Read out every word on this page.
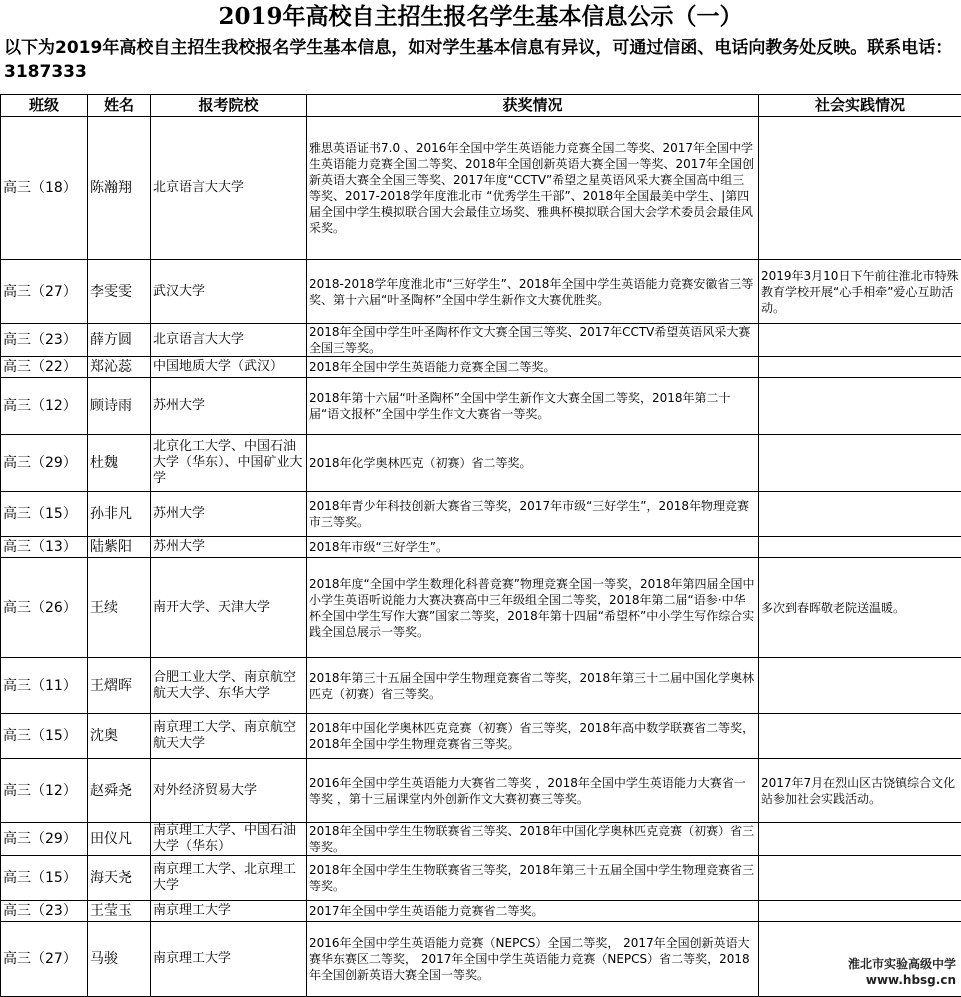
2019年高校自主招生报名学生基本信息公示（一）
以下为2019年高校自主招生我校报名学生基本信息，如对学生基本信息有异议，可通过信函、电话向教务处反映。联系电话：3187333
班级	姓名	报考院校	获奖情况	社会实践情况
高三（18）	陈瀚翔	北京语言大大学	雅思英语证书7.0 、2016年全国中学生英语能力竞赛全国二等奖、2017年全国中学生英语能力竞赛全国二等奖、2018年全国创新英语大赛全国一等奖、2017年全国创新英语大赛全全国三等奖、2017年度“CCTV”希望之星英语风采大赛全国高中组三等奖、2017-2018学年度淮北市 “优秀学生干部”、2018年全国最美中学生、|第四届全国中学生模拟联合国大会最佳立场奖、雅典杯模拟联合国大会学术委员会最佳风采奖。	
高三（27）	李雯雯	武汉大学	2018-2018学年度淮北市“三好学生”、2018年全国中学生英语能力竞赛安徽省三等奖、第十六届“叶圣陶杯”全国中学生新作文大赛优胜奖。	2019年3月10日下午前往淮北市特殊教育学校开展“心手相牵”爱心互助活动。
高三（23）	薛方圆	北京语言大大学	2018年全国中学生叶圣陶杯作文大赛全国三等奖、2017年CCTV希望英语风采大赛全国三等奖。	
高三（22）	郑沁蕊	中国地质大学（武汉）	2018年全国中学生英语能力竞赛全国二等奖。	
高三（12）	顾诗雨	苏州大学	2018年第十六届“叶圣陶杯”全国中学生新作文大赛全国二等奖，2018年第二十届“语文报杯”全国中学生作文大赛省一等奖。	
高三（29）	杜魏	北京化工大学、中国石油大学（华东）、中国矿业大学	2018年化学奥林匹克（初赛）省二等奖。	
高三（15）	孙非凡	苏州大学	2018年青少年科技创新大赛省三等奖，2017年市级“三好学生”，2018年物理竞赛市三等奖。	
高三（13）	陆紫阳	苏州大学	2018年市级“三好学生”。	
高三（26）	王续	南开大学、天津大学	2018年度“全国中学生数理化科普竞赛”物理竞赛全国一等奖，2018年第四届全国中小学生英语听说能力大赛决赛高中三年级组全国二等奖，2018年第二届“语参·中华杯全国中学生写作大赛”国家二等奖，2018年第十四届“希望杯”中小学生写作综合实践全国总展示一等奖。	多次到春晖敬老院送温暖。
高三（11）	王熠晖	合肥工业大学、南京航空航天大学、东华大学	2018年第三十五届全国中学生物理竞赛省二等奖，2018年第三十二届中国化学奥林匹克（初赛）省三等奖。	
高三（15）	沈奥	南京理工大学、南京航空航天大学	2018年中国化学奥林匹克竞赛（初赛）省三等奖，2018年高中数学联赛省二等奖，2018年全国中学生物理竞赛省三等奖。	
高三（12）	赵舜尧	对外经济贸易大学	2016年全国中学生英语能力大赛省二等奖 ，2018年全国中学生英语能力大赛省一等奖 ，第十三届课堂内外创新作文大赛初赛三等奖。	2017年7月在烈山区古饶镇综合文化站参加社会实践活动。
高三（29）	田仪凡	南京理工大学、中国石油大学（华东）	2018年全国中学生生物联赛省三等奖、2018年中国化学奥林匹克竞赛（初赛）省三等奖。	
高三（15）	海天尧	南京理工大学、北京理工大学	2018年全国中学生生物联赛省三等奖，2018年第三十五届全国中学生物理竞赛省三等奖。	
高三（23）	王莹玉	南京理工大学	2017年全国中学生英语能力竞赛省二等奖。	
高三（27）	马骏	南京理工大学	2016年全国中学生英语能力竞赛（NEPCS）全国二等奖， 2017年全国创新英语大赛华东赛区二等奖， 2017年全国中学生英语能力竞赛（NEPCS）省二等奖，2018年全国创新英语大赛全国一等奖。	
淮北市实验高级中学
www.hbsg.cn
